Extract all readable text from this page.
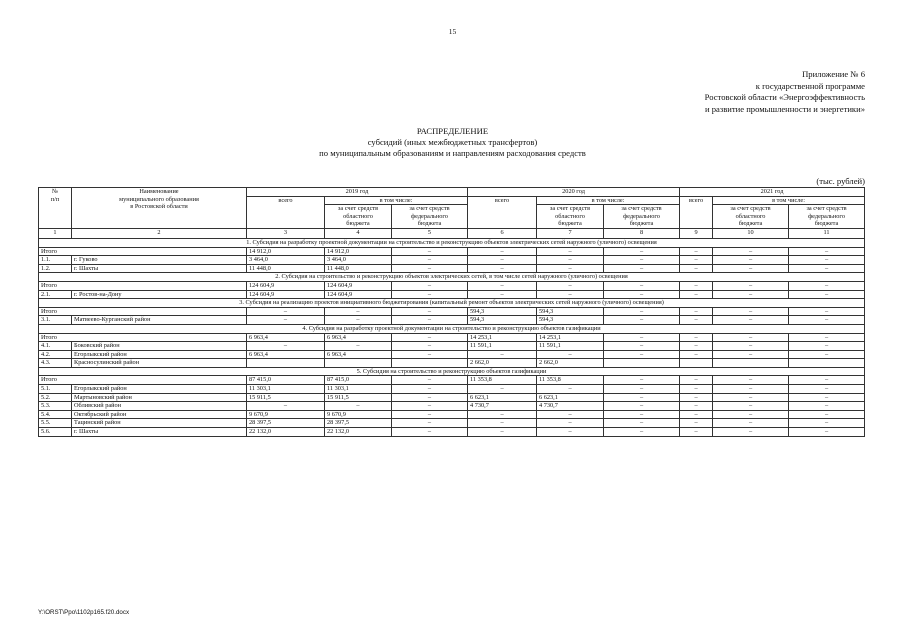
15
Приложение № 6
к государственной программе
Ростовской области «Энергоэффективность
и развитие промышленности и энергетики»
РАСПРЕДЕЛЕНИЕ
субсидий (иных межбюджетных трансфертов)
по муниципальным образованиям и направлениям расходования средств
(тыс. рублей)
№
п/п	Наименование
муниципального образования
в Ростовской области	2019 год			2020 год			2021 год		
		всего	в том числе:		всего	в том числе:		всего	в том числе:	
			за счет средств
областного
бюджета	за счет средств
федерального
бюджета		за счет средств
областного
бюджета	за счет средств
федерального
бюджета		за счет средств
областного
бюджета	за счет средств
федерального
бюджета
1	2	3	4	5	6	7	8	9	10	11
1. Субсидия на разработку проектной документации на строительство и реконструкцию объектов электрических сетей наружного (уличного) освещения										
Итого		14 912,0	14 912,0	–	–	–	–	–	–	–
1.1.	г. Гуково	3 464,0	3 464,0	–	–	–	–	–	–	–
1.2.	г. Шахты	11 448,0	11 448,0	–	–	–	–	–	–	–
2. Субсидия на строительство и реконструкцию объектов электрических сетей, в том числе сетей наружного (уличного) освещения										
Итого		124 604,9	124 604,9	–	–	–	–	–	–	–
2.1.	г. Ростов-на-Дону	124 604,9	124 604,9	–	–	–	–	–	–	–
3. Субсидия на реализацию проектов инициативного бюджетирования (капитальный ремонт объектов электрических сетей наружного (уличного) освещения)										
Итого		–	–	–	594,3	594,3	–	–	–	–
3.1.	Матвеево-Курганский район	–	–	–	594,3	594,3	–	–	–	–
4. Субсидия на разработку проектной документации на строительство и реконструкцию объектов газификации										
Итого		6 963,4	6 963,4	–	14 253,1	14 253,1	–	–	–	–
4.1.	Боковский район	–	–	–	11 591,1	11 591,1	–	–	–	–
4.2.	Егорлыкский район	6 963,4	6 963,4	–	–	–	–	–	–	–
4.3.	Красносулинский район				2 662,0	2 662,0				
5. Субсидия на строительство и реконструкцию объектов газификации										
Итого		87 415,0	87 415,0	–	11 353,8	11 353,8	–	–	–	–
5.1.	Егорлыкский район	11 303,1	11 303,1	–	–	–	–	–	–	–
5.2.	Мартыновский район	15 911,5	15 911,5	–	6 623,1	6 623,1	–	–	–	–
5.3.	Обливский район	–	–	–	4 730,7	4 730,7	–	–	–	–
5.4.	Октябрьский район	9 670,9	9 670,9	–	–	–	–	–	–	–
5.5.	Тацинский район	28 397,5	28 397,5	–	–	–	–	–	–	–
5.6.	г. Шахты	22 132,0	22 132,0	–	–	–	–	–	–	–
Y:\ORST\Ppo\1102p165.f20.docx
